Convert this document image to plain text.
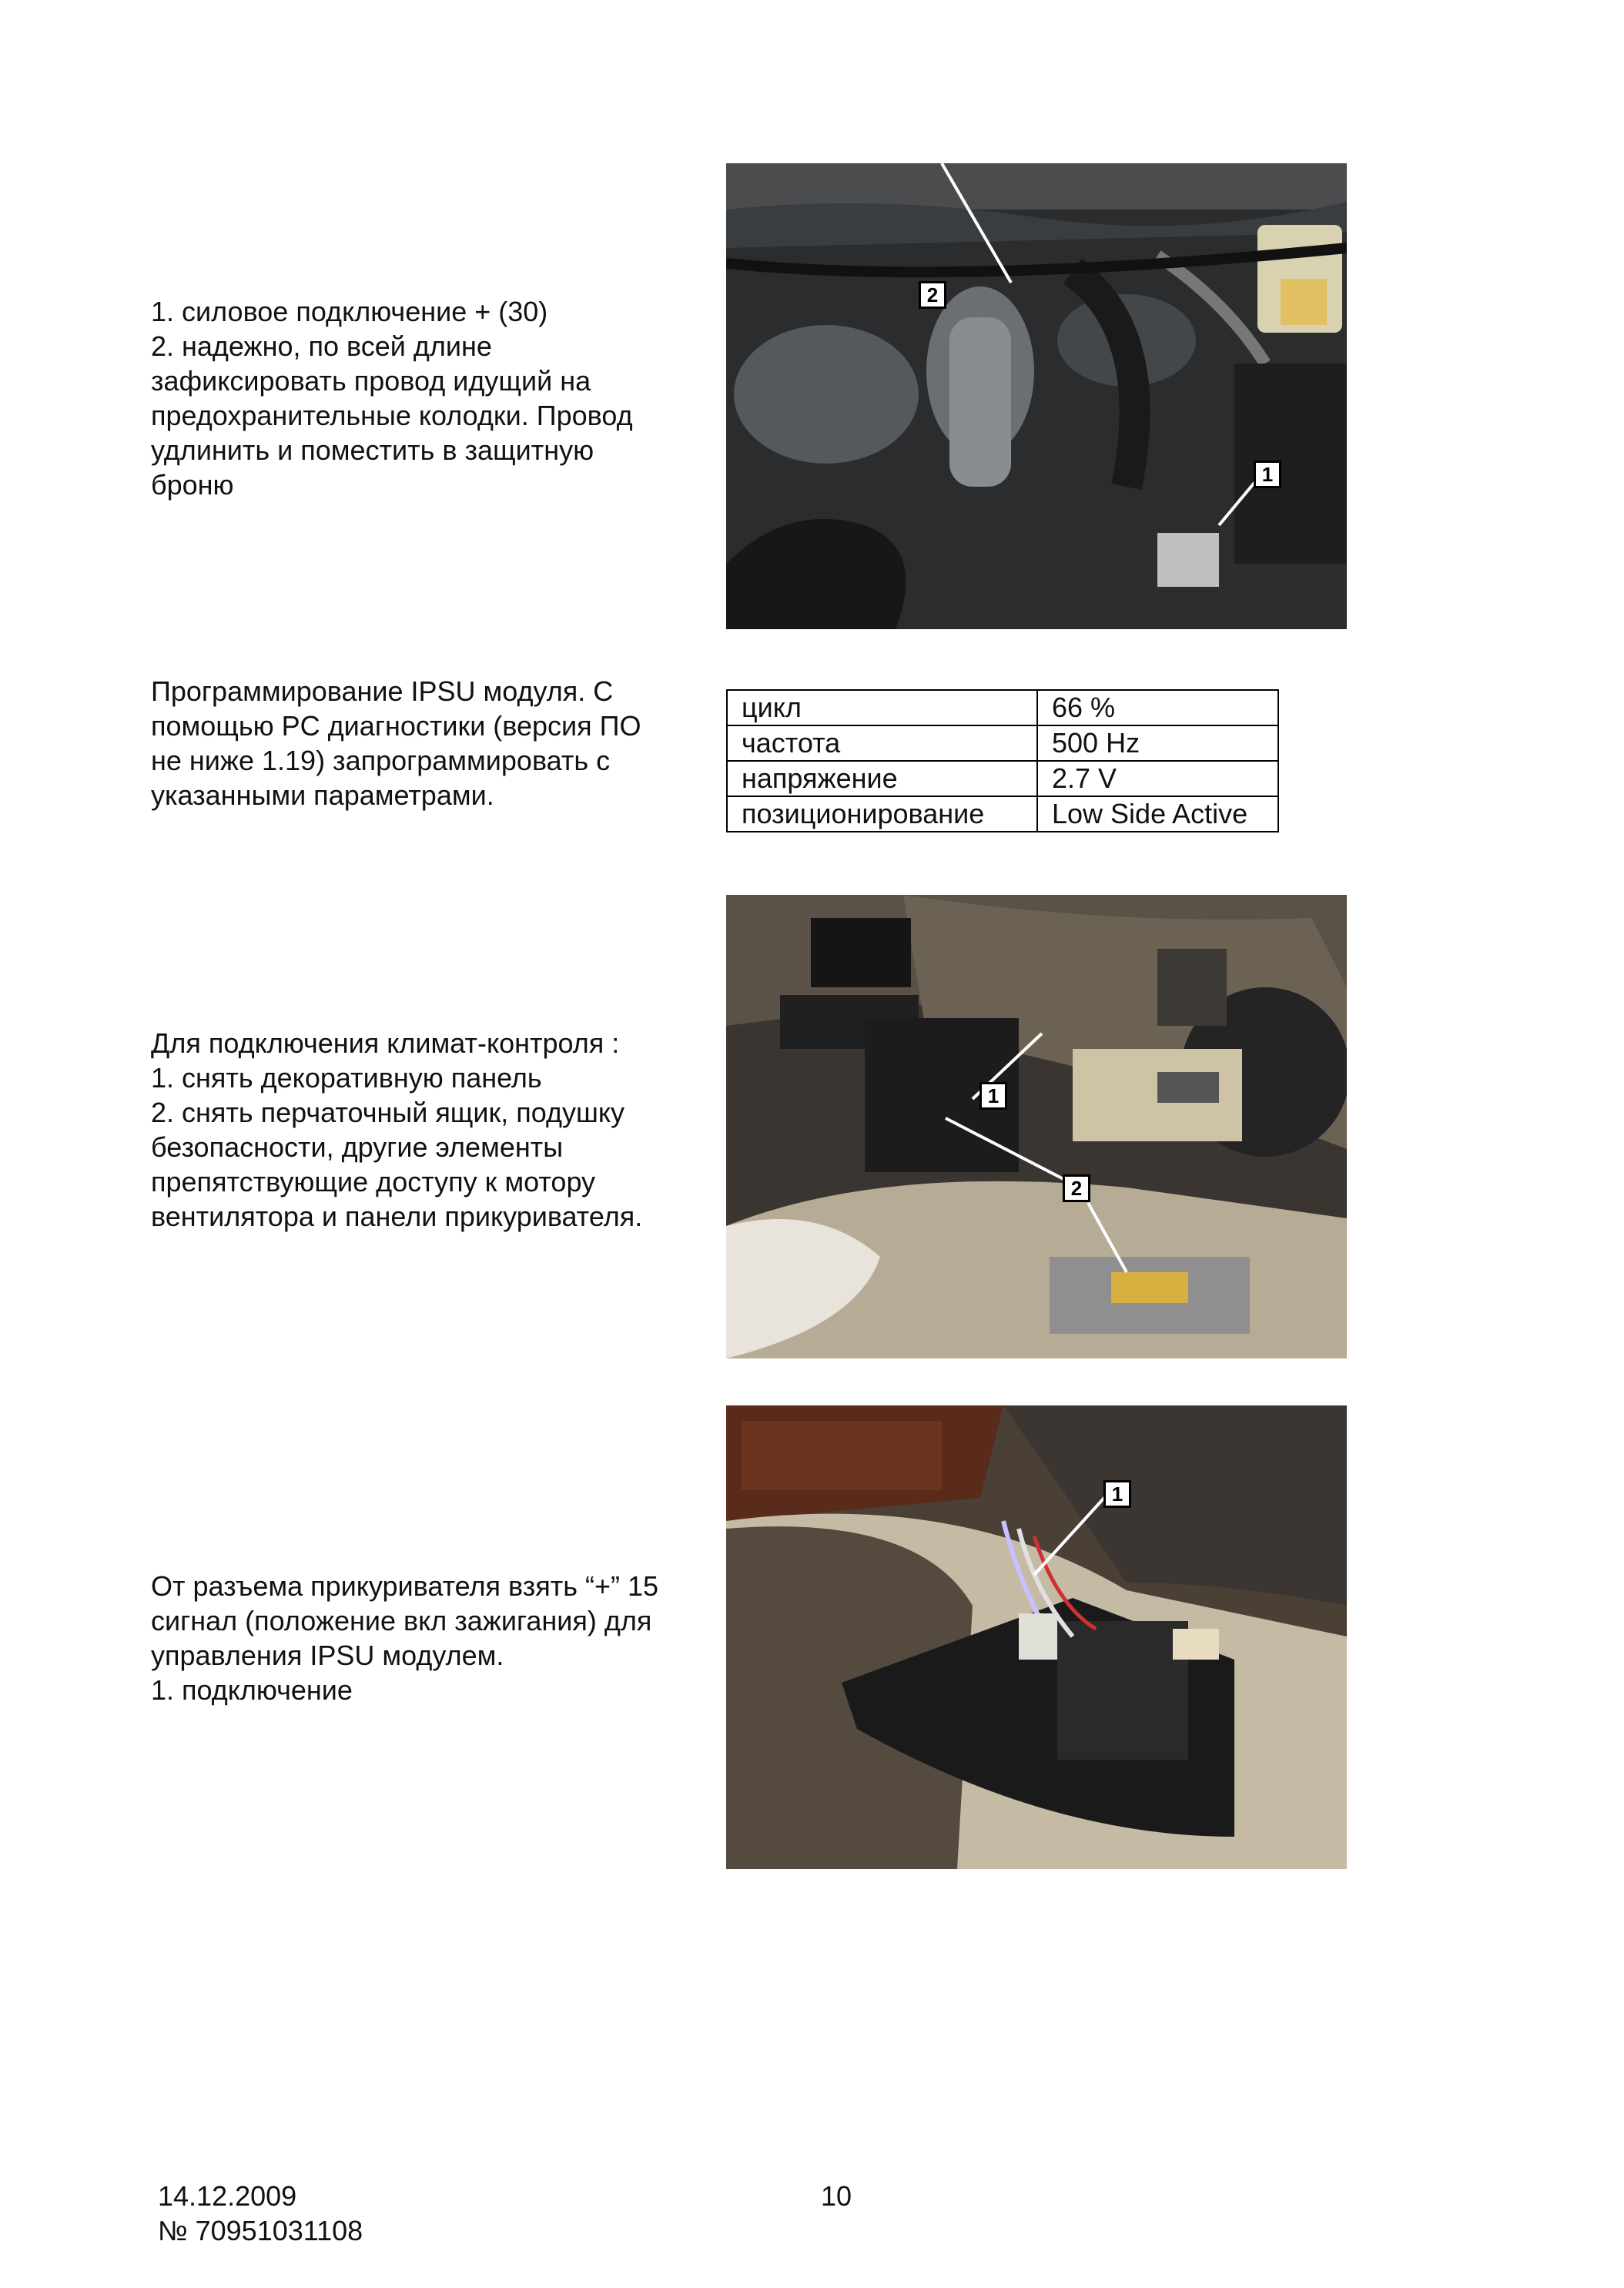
1. силовое подключение + (30)
2. надежно, по всей длине
зафиксировать провод идущий на
предохранительные колодки. Провод
удлинить и поместить в защитную
броню
2
1
Программирование IPSU модуля. С
помощью PC диагностики (версия ПО
не ниже 1.19) запрограммировать с
указанными параметрами.
цикл	66 %
частота	500 Hz
напряжение	2.7 V
позиционирование	Low Side Active
Для подключения климат-контроля :
1. снять декоративную панель
2. снять перчаточный ящик, подушку
безопасности, другие элементы
препятствующие доступу к мотору
вентилятора и панели прикуривателя.
1
2
От разъема прикуривателя взять “+” 15
сигнал (положение вкл зажигания) для
управления IPSU модулем.
1. подключение
1
14.12.2009
№ 70951031108
10
